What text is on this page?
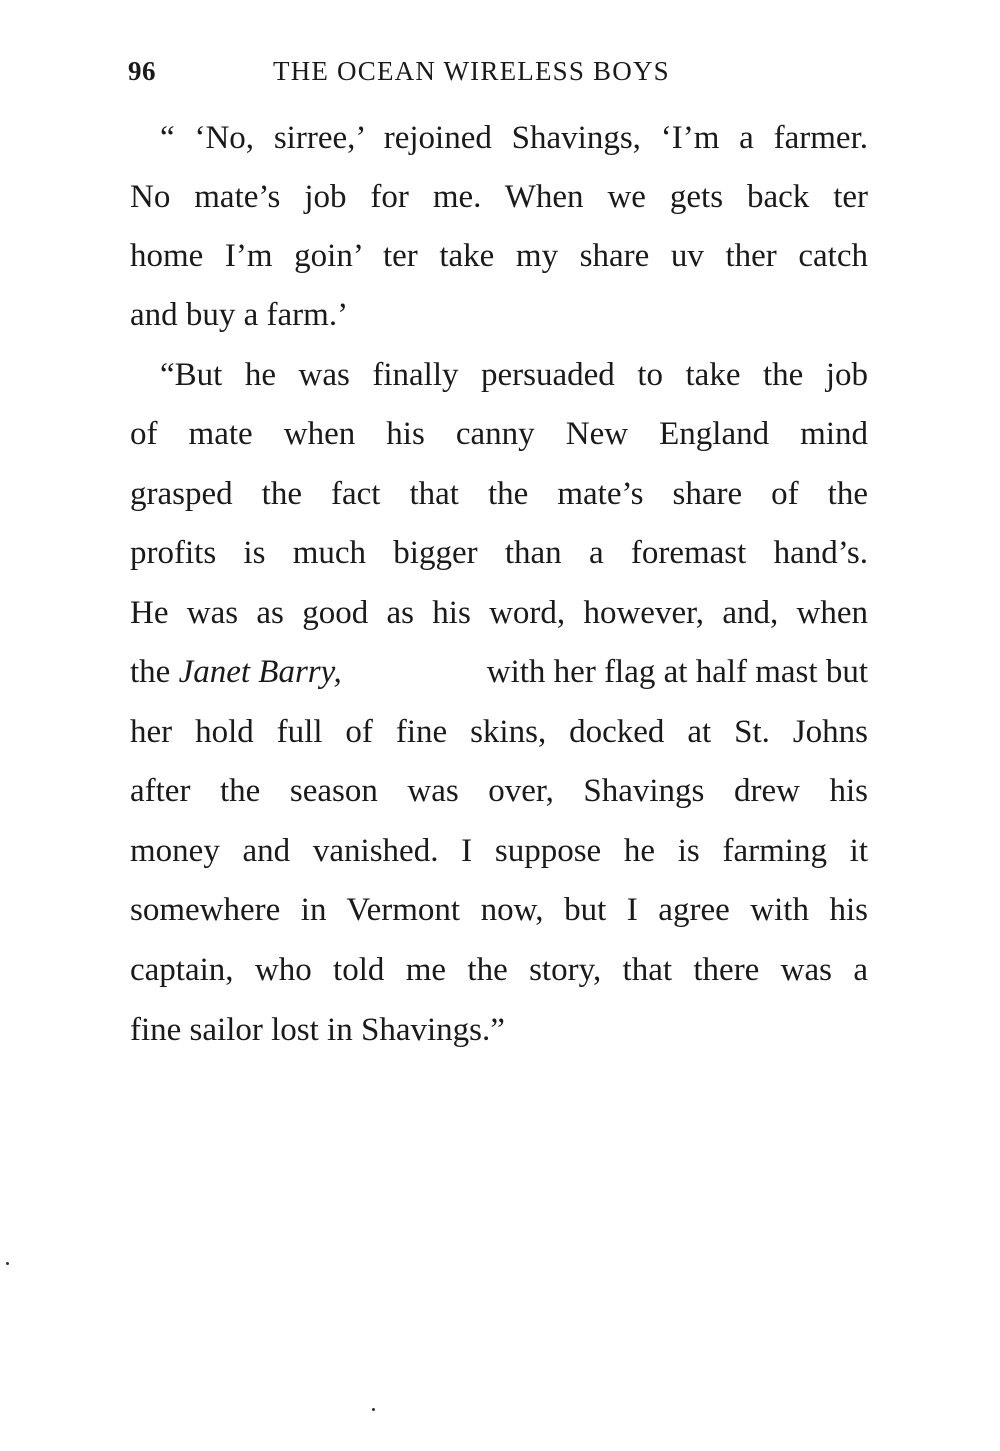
96	THE OCEAN WIRELESS BOYS
“ ‘No, sirree,’ rejoined Shavings, ‘I’m a farmer.
No mate’s job for me. When we gets back ter
home I’m goin’ ter take my share uv ther catch
and buy a farm.’
“But he was finally persuaded to take the job
of mate when his canny New England mind
grasped the fact that the mate’s share of the
profits is much bigger than a foremast hand’s.
He was as good as his word, however, and, when
the Janet Barry,	with her flag at half mast but
her hold full of fine skins, docked at St. Johns
after the season was over, Shavings drew his
money and vanished. I suppose he is farming it
somewhere in Vermont now, but I agree with his
captain, who told me the story, that there was a
fine sailor lost in Shavings.”
